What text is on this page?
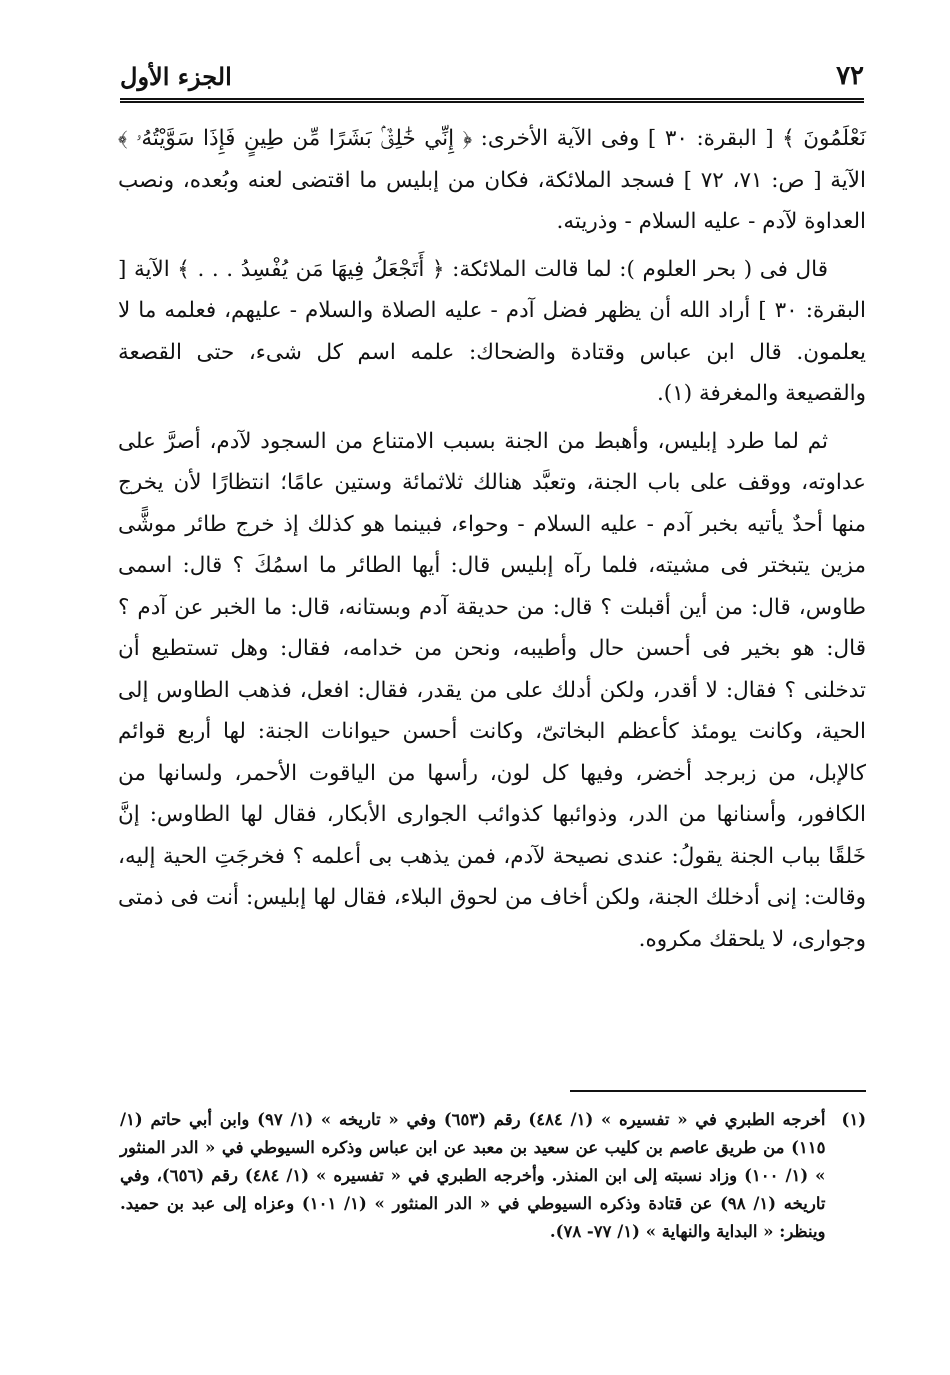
٧٢
الجزء الأول

نَعْلَمُونَ ﴾ [ البقرة: ٣٠ ] وفى الآية الأخرى: ﴿ إِنِّي خَٰلِقٌۢ بَشَرًا مِّن طِينٍ فَإِذَا سَوَّيْتُهُۥ ﴾ الآية [ ص: ٧١، ٧٢ ] فسجد الملائكة، فكان من إبليس ما اقتضى لعنه وبُعده، ونصب العداوة لآدم - عليه السلام - وذريته.

قال فى ( بحر العلوم ): لما قالت الملائكة: ﴿ أَتَجْعَلُ فِيهَا مَن يُفْسِدُ . . . ﴾ الآية [ البقرة: ٣٠ ] أراد الله أن يظهر فضل آدم - عليه الصلاة والسلام - عليهم، فعلمه ما لا يعلمون. قال ابن عباس وقتادة والضحاك: علمه اسم كل شىء، حتى القصعة والقصيعة والمغرفة (١).

ثم لما طرد إبليس، وأهبط من الجنة بسبب الامتناع من السجود لآدم، أصرَّ على عداوته، ووقف على باب الجنة، وتعبَّد هنالك ثلاثمائة وستين عامًا؛ انتظارًا لأن يخرج منها أحدٌ يأتيه بخبر آدم - عليه السلام - وحواء، فبينما هو كذلك إذ خرج طائر موشًّى مزين يتبختر فى مشيته، فلما رآه إبليس قال: أيها الطائر ما اسمُكَ ؟ قال: اسمى طاوس، قال: من أين أقبلت ؟ قال: من حديقة آدم وبستانه، قال: ما الخبر عن آدم ؟ قال: هو بخير فى أحسن حال وأطيبه، ونحن من خدامه، فقال: وهل تستطيع أن تدخلنى ؟ فقال: لا أقدر، ولكن أدلك على من يقدر، فقال: افعل، فذهب الطاوس إلى الحية، وكانت يومئذ كأعظم البخاتىّ، وكانت أحسن حيوانات الجنة: لها أربع قوائم كالإبل، من زبرجد أخضر، وفيها كل لون، رأسها من الياقوت الأحمر، ولسانها من الكافور، وأسنانها من الدر، وذوائبها كذوائب الجوارى الأبكار، فقال لها الطاوس: إنَّ خَلقًا بباب الجنة يقولُ: عندى نصيحة لآدم، فمن يذهب بى أعلمه ؟ فخرجَتِ الحية إليه، وقالت: إنى أدخلك الجنة، ولكن أخاف من لحوق البلاء، فقال لها إبليس: أنت فى ذمتى وجوارى، لا يلحقك مكروه.

(١)
أخرجه الطبري في « تفسيره » (١/ ٤٨٤) رقم (٦٥٣) وفي « تاريخه » (١/ ٩٧) وابن أبي حاتم (١/ ١١٥) من طريق عاصم بن كليب عن سعيد بن معبد عن ابن عباس وذكره السيوطي في « الدر المنثور » (١/ ١٠٠) وزاد نسبته إلى ابن المنذر. وأخرجه الطبري في « تفسيره » (١/ ٤٨٤) رقم (٦٥٦)، وفي تاريخه (١/ ٩٨) عن قتادة وذكره السيوطي في « الدر المنثور » (١/ ١٠١) وعزاه إلى عبد بن حميد. وينظر: « البداية والنهاية » (١/ ٧٧- ٧٨).
